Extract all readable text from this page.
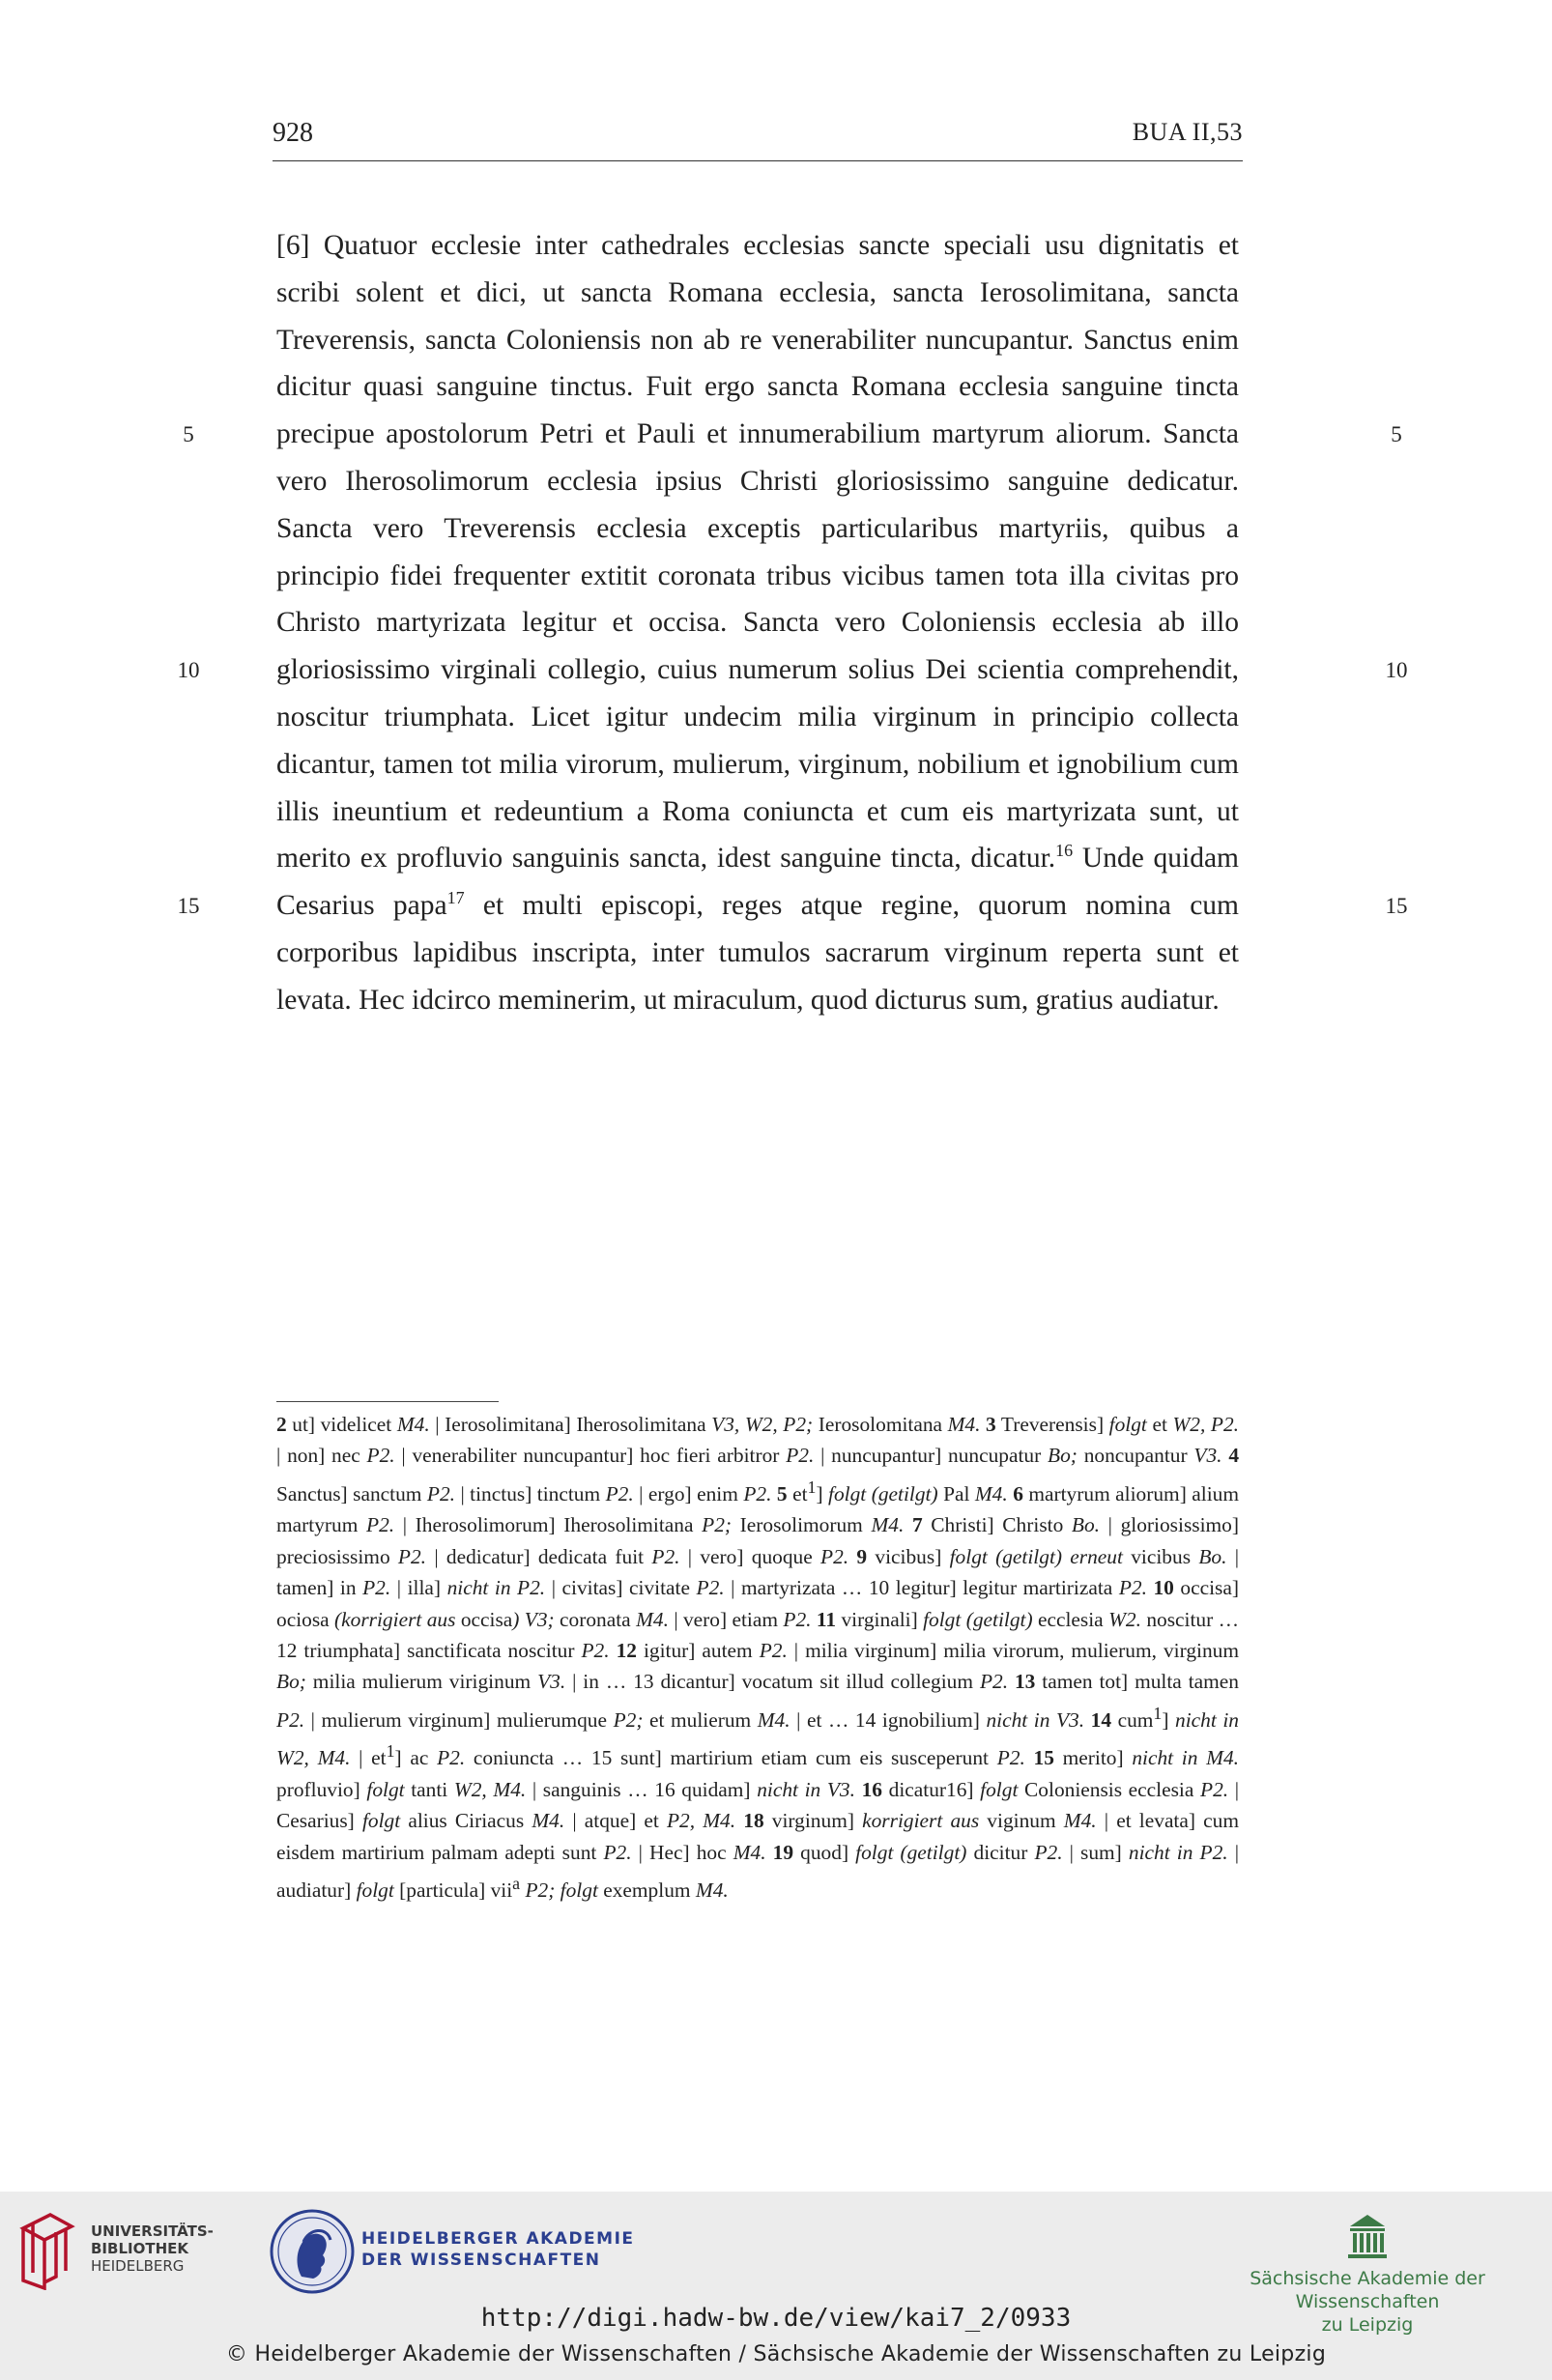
928	BUA II,53

[6] Quatuor ecclesie inter cathedrales ecclesias sancte speciali usu dignitatis et scribi solent et dici, ut sancta Romana ecclesia, sancta Ierosolimitana, sancta Treverensis, sancta Coloniensis non ab re venerabiliter nuncupantur. Sanctus enim dicitur quasi sanguine tinctus. Fuit ergo sancta Romana ecclesia sanguine tincta precipue apostolorum Petri et Pauli et innumerabilium martyrum aliorum. Sancta vero Iherosolimorum ecclesia ipsius Christi gloriosissimo sanguine dedicatur. Sancta vero Treverensis ecclesia exceptis particularibus martyriis, quibus a principio fidei frequenter extitit coronata tribus vicibus tamen tota illa civitas pro Christo martyrizata legitur et occisa. Sancta vero Coloniensis ecclesia ab illo gloriosissimo virginali collegio, cuius numerum solius Dei scientia comprehendit, noscitur triumphata. Licet igitur undecim milia virginum in principio collecta dicantur, tamen tot milia virorum, mulierum, virginum, nobilium et ignobilium cum illis ineuntium et redeuntium a Roma coniuncta et cum eis martyrizata sunt, ut merito ex profluvio sanguinis sancta, idest sanguine tincta, dicatur.$^{16}$ Unde quidam Cesarius papa$^{17}$ et multi episcopi, reges atque regine, quorum nomina cum corporibus lapidibus inscripta, inter tumulos sacrarum virginum reperta sunt et levata. Hec idcirco meminerim, ut miraculum, quod dicturus sum, gratius audiatur.

5	5
10	10
15	15

2 ut] videlicet M4. | Ierosolimitana] Iherosolimitana V3, W2, P2; Ierosolomitana M4. 3 Treverensis] folgt et W2, P2. | non] nec P2. | venerabiliter nuncupantur] hoc fieri arbitror P2. | nuncupantur] nuncupatur Bo; noncupantur V3. 4 Sanctus] sanctum P2. | tinctus] tinctum P2. | ergo] enim P2. 5 $et^1$] folgt (getilgt) Pal M4. 6 martyrum aliorum] alium martyrum P2. | Iherosolimorum] Iherosolimitana P2; Ierosolimorum M4. 7 Christi] Christo Bo. | gloriosissimo] preciosissimo P2. | dedicatur] dedicata fuit P2. | vero] quoque P2. 9 vicibus] folgt (getilgt) erneut vicibus Bo. | tamen] in P2. | illa] nicht in P2. | civitas] civitate P2. | martyrizata … 10 legitur] legitur martirizata P2. 10 occisa] ociosa (korrigiert aus occisa) V3; coronata M4. | vero] etiam P2. 11 virginali] folgt (getilgt) ecclesia W2. noscitur … 12 triumphata] sanctificata noscitur P2. 12 igitur] autem P2. | milia virginum] milia virorum, mulierum, virginum Bo; milia mulierum viriginum V3. | in … 13 dicantur] vocatum sit illud collegium P2. 13 tamen tot] multa tamen P2. | mulierum virginum] mulierumque P2; et mulierum M4. | et … 14 ignobilium] nicht in V3. 14 cum$^1$] nicht in W2, M4. | $et^1$] ac P2. coniuncta … 15 sunt] martirium etiam cum eis susceperunt P2. 15 merito] nicht in M4. profluvio] folgt tanti W2, M4. | sanguinis … 16 quidam] nicht in V3. 16 dicatur16] folgt Coloniensis ecclesia P2. | Cesarius] folgt alius Ciriacus M4. | atque] et P2, M4. 18 virginum] korrigiert aus viginum M4. | et levata] cum eisdem martirium palmam adepti sunt P2. | Hec] hoc M4. 19 quod] folgt (getilgt) dicitur P2. | sum] nicht in P2. | audiatur] folgt [particula] vii$^a$ P2; folgt exemplum M4.

UNIVERSITÄTS-
BIBLIOTHEK
HEIDELBERG
HEIDELBERGER AKADEMIE
DER WISSENSCHAFTEN
Sächsische Akademie der Wissenschaften
zu Leipzig
http://digi.hadw-bw.de/view/kai7_2/0933
© Heidelberger Akademie der Wissenschaften / Sächsische Akademie der Wissenschaften zu Leipzig
